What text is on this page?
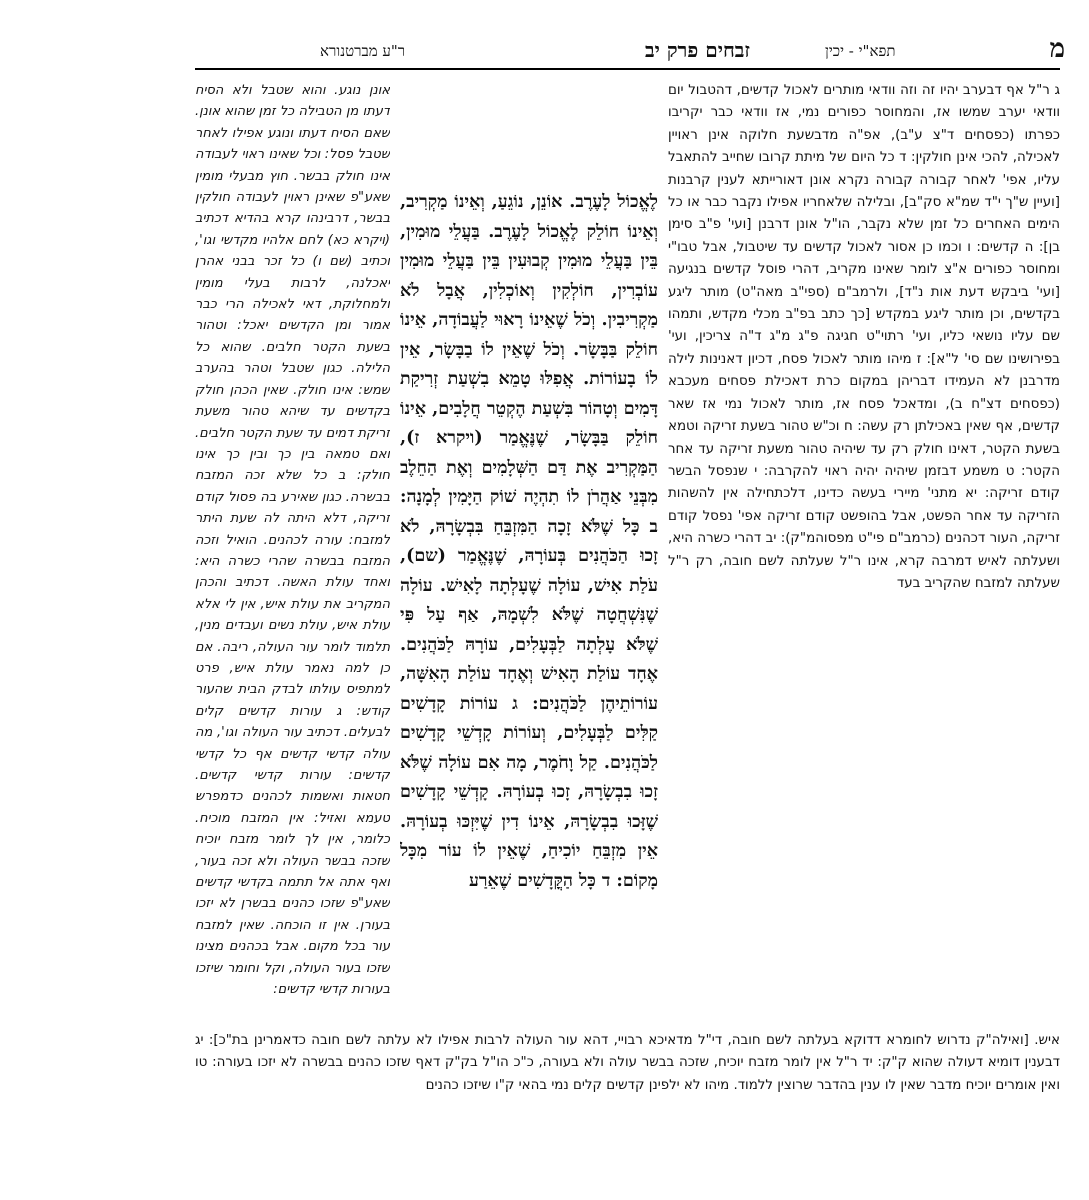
מ
תפא"י - יכין
זבחים פרק יב
ר"ע מברטנורא

ג ר"ל אף דבערב יהיו זה וזה וודאי מותרים לאכול קדשים, דהטבול יום וודאי יערב שמשו אז, והמחוסר כפורים נמי, אז וודאי כבר יקריבו כפרתו (כפסחים ד"צ ע"ב), אפ"ה מדבשעת חלוקה אינן ראויין לאכילה, להכי אינן חולקין: ד כל היום של מיתת קרובו שחייב להתאבל עליו, אפי' לאחר קבורה קבורה נקרא אונן דאורייתא לענין קרבנות [ועיין ש"ך י"ד שמ"א סק"ב], ובלילה שלאחריו אפילו נקבר כבר או כל הימים האחרים כל זמן שלא נקבר, הו"ל אונן דרבנן [ועי' פ"ב סימן בן]: ה קדשים: ו וכמו כן אסור לאכול קדשים עד שיטבול, אבל טבו"י ומחוסר כפורים א"צ לומר שאינו מקריב, דהרי פוסל קדשים בנגיעה [ועי' ביבקש דעת אות נ"ד], ולרמב"ם (ספי"ב מאה"ט) מותר ליגע בקדשים, וכן מותר ליגע במקדש [כך כתב בפ"ב מכלי מקדש, ותמהו שם עליו נושאי כליו, ועי' רתוי"ט חגיגה פ"ג מ"ג ד"ה צריכין, ועי' בפירושינו שם סי' ל"א]: ז מיהו מותר לאכול פסח, דכיון דאנינות לילה מדרבנן לא העמידו דבריהן במקום כרת דאכילת פסחים מעכבא (כפסחים דצ"ח ב), ומדאכל פסח אז, מותר לאכול נמי אז שאר קדשים, אף שאין באכילתן רק עשה: ח וכ"ש טהור בשעת זריקה וטמא בשעת הקטר, דאינו חולק רק עד שיהיה טהור משעת זריקה עד אחר הקטר: ט משמע דבזמן שיהיה יהיה ראוי להקרבה: י שנפסל הבשר קודם זריקה: יא מתני' מיירי בעשה כדינו, דלכתחילה אין להשהות הזריקה עד אחר הפשט, אבל בהופשט קודם זריקה אפי' נפסל קודם זריקה, העור דכהנים (כרמב"ם פי"ט מפסוהמ"ק): יב דהרי כשרה היא, ושעלתה לאיש דמרבה קרא, אינו ר"ל שעלתה לשם חובה, רק ר"ל שעלתה למזבח שהקריב בעד

לֶאֱכוֹל לָעֶרֶב. אוֹנֵן, נוֹגֵעַ, וְאֵינוֹ מַקְרִיב, וְאֵינוֹ חוֹלֵק לֶאֱכוֹל לָעֶרֶב. בַּעֲלֵי מוּמִין, בֵּין בַּעֲלֵי מוּמִין קְבוּעִין בֵּין בַּעֲלֵי מוּמִין עוֹבְרִין, חוֹלְקִין וְאוֹכְלִין, אֲבָל לֹא מַקְרִיבִין. וְכֹל שֶׁאֵינוֹ רָאוּי לַעֲבוֹדָה, אֵינוֹ חוֹלֵק בַּבָּשָׂר. וְכֹל שֶׁאֵין לוֹ בַבָּשָׂר, אֵין לוֹ בָעוֹרוֹת. אֲפִלּוּ טָמֵא בִשְׁעַת זְרִיקַת דָּמִים וְטָהוֹר בִּשְׁעַת הֶקְטֵר חֲלָבִים, אֵינוֹ חוֹלֵק בַּבָּשָׂר, שֶׁנֶּאֱמַר (ויקרא ז), הַמַּקְרִיב אֶת דַּם הַשְּׁלָמִים וְאֶת הַחֵלֶב מִבְּנֵי אַהֲרֹן לוֹ תִהְיֶה שׁוֹק הַיָּמִין לְמָנָה: ב כָּל שֶׁלֹּא זָכָה הַמִּזְבֵּחַ בִּבְשָׂרָהּ, לֹא זָכוּ הַכֹּהֲנִים בְּעוֹרָהּ, שֶׁנֶּאֱמַר (שם), עֹלַת אִישׁ, עוֹלָה שֶׁעָלְתָה לָאִישׁ. עוֹלָה שֶׁנִּשְׁחֲטָה שֶׁלֹּא לִשְׁמָהּ, אַף עַל פִּי שֶׁלֹּא עָלְתָה לַבְּעָלִים, עוֹרָהּ לַכֹּהֲנִים. אֶחָד עוֹלַת הָאִישׁ וְאֶחָד עוֹלַת הָאִשָּׁה, עוֹרוֹתֵיהֶן לַכֹּהֲנִים: ג עוֹרוֹת קָדָשִׁים קַלִּים לַבְּעָלִים, וְעוֹרוֹת קָדְשֵׁי קָדָשִׁים לַכֹּהֲנִים. קַל וָחֹמֶר, מָה אִם עוֹלָה שֶׁלֹּא זָכוּ בִבְשָׂרָהּ, זָכוּ בְעוֹרָהּ. קָדְשֵׁי קָדָשִׁים שֶׁזָּכוּ בִבְשָׂרָהּ, אֵינוֹ דִין שֶׁיִּזְכּוּ בְעוֹרָהּ. אֵין מִזְבֵּחַ יוֹכִיחַ, שֶׁאֵין לוֹ עוֹר מִכָּל מָקוֹם: ד כָּל הַקֳּדָשִׁים שֶׁאֵרַע

אונן נוגע. והוא שטבל ולא הסיח דעתו מן הטבילה כל זמן שהוא אונן. שאם הסיח דעתו ונוגע אפילו לאחר שטבל פסל: וכל שאינו ראוי לעבודה אינו חולק בבשר. חוץ מבעלי מומין שאע"פ שאינן ראוין לעבודה חולקין בבשר, דרבינהו קרא בהדיא דכתיב (ויקרא כא) לחם אלהיו מקדשי וגו', וכתיב (שם ו) כל זכר בבני אהרן יאכלנה, לרבות בעלי מומין ולמחלוקת, דאי לאכילה הרי כבר אמור ומן הקדשים יאכל: וטהור בשעת הקטר חלבים. שהוא כל הלילה. כגון שטבל וטהר בהערב שמש: אינו חולק. שאין הכהן חולק בקדשים עד שיהא טהור משעת זריקת דמים עד שעת הקטר חלבים. ואם טמאה בין כך ובין כך אינו חולק: ב כל שלא זכה המזבח בבשרה. כגון שאירע בה פסול קודם זריקה, דלא היתה לה שעת היתר למזבח: עורה לכהנים. הואיל וזכה המזבח בבשרה שהרי כשרה היא: ואחד עולת האשה. דכתיב והכהן המקריב את עולת איש, אין לי אלא עולת איש, עולת נשים ועבדים מנין, תלמוד לומר עור העולה, ריבה. אם כן למה נאמר עולת איש, פרט למתפיס עולתו לבדק הבית שהעור קודש: ג עורות קדשים קלים לבעלים. דכתיב עור העולה וגו', מה עולה קדשי קדשים אף כל קדשי קדשים: עורות קדשי קדשים. חטאות ואשמות לכהנים כדמפרש טעמא ואזיל: אין המזבח מוכיח. כלומר, אין לך לומר מזבח יוכיח שזכה בבשר העולה ולא זכה בעור, ואף אתה אל תתמה בקדשי קדשים שאע"פ שזכו כהנים בבשרן לא יזכו בעורן. אין זו הוכחה. שאין למזבח עור בכל מקום. אבל בכהנים מצינו שזכו בעור העולה, וקל וחומר שיזכו בעורות קדשי קדשים:

איש. [ואילה"ק נדרוש לחומרא דדוקא בעלתה לשם חובה, די"ל מדאיכא רבויי, דהא עור העולה לרבות אפילו לא עלתה לשם חובה כדאמרינן בת"כ]: יג דבענין דומיא דעולה שהוא ק"ק: יד ר"ל אין לומר מזבח יוכיח, שזכה בבשר עולה ולא בעורה, כ"כ הו"ל בק"ק דאף שזכו כהנים בבשרה לא יזכו בעורה: טו ואין אומרים יוכיח מדבר שאין לו ענין בהדבר שרוצין ללמוד. מיהו לא ילפינן קדשים קלים נמי בהאי ק"ו שיזכו כהנים
